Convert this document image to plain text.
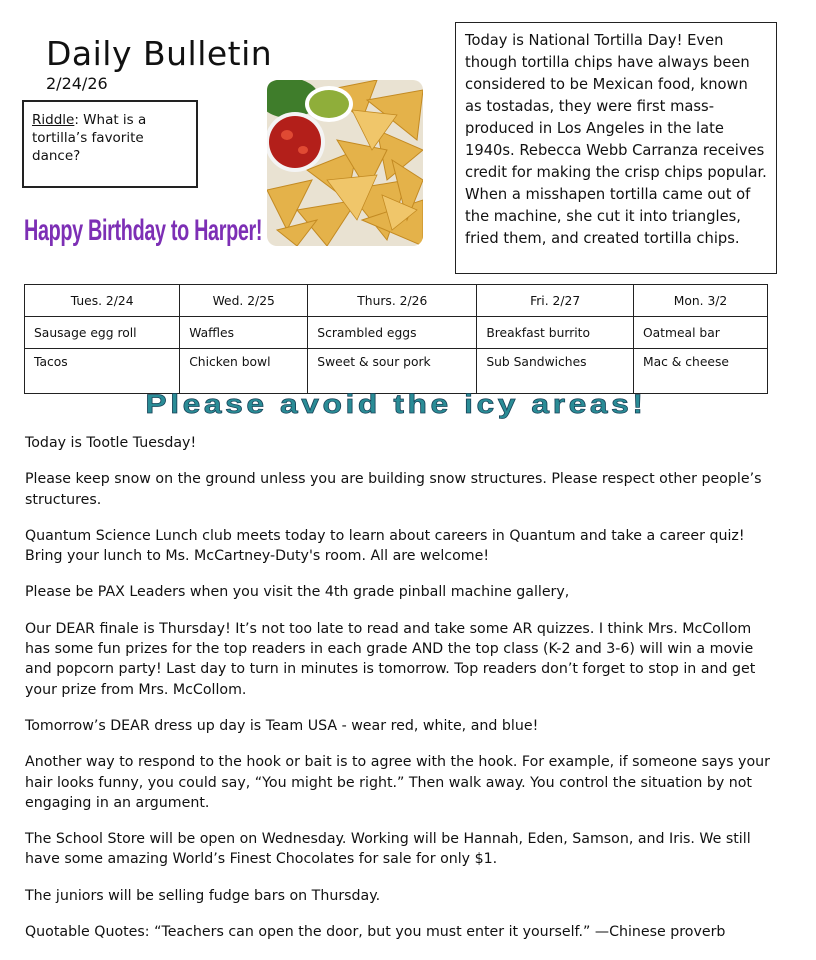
Daily Bulletin
2/24/26
Riddle: What is a tortilla’s favorite dance?
Happy Birthday to Harper!
Today is National Tortilla Day! Even though tortilla chips have always been considered to be Mexican food, known as tostadas, they were first mass-produced in Los Angeles in the late 1940s. Rebecca Webb Carranza receives credit for making the crisp chips popular. When a misshapen tortilla came out of the machine, she cut it into triangles, fried them, and created tortilla chips.
Tues. 2/24	Wed. 2/25	Thurs. 2/26	Fri. 2/27	Mon. 3/2
Sausage egg roll	Waffles	Scrambled eggs	Breakfast burrito	Oatmeal bar
Tacos	Chicken bowl	Sweet & sour pork	Sub Sandwiches	Mac & cheese
Please avoid the icy areas!

Today is Tootle Tuesday!

Please keep snow on the ground unless you are building snow structures. Please respect other people’s structures.

Quantum Science Lunch club meets today to learn about careers in Quantum and take a career quiz! Bring your lunch to Ms. McCartney-Duty's room. All are welcome!

Please be PAX Leaders when you visit the 4th grade pinball machine gallery,

Our DEAR finale is Thursday! It’s not too late to read and take some AR quizzes. I think Mrs. McCollom has some fun prizes for the top readers in each grade AND the top class (K-2 and 3-6) will win a movie and popcorn party! Last day to turn in minutes is tomorrow. Top readers don’t forget to stop in and get your prize from Mrs. McCollom.

Tomorrow’s DEAR dress up day is Team USA - wear red, white, and blue!

Another way to respond to the hook or bait is to agree with the hook. For example, if someone says your hair looks funny, you could say, “You might be right.” Then walk away. You control the situation by not engaging in an argument.

The School Store will be open on Wednesday. Working will be Hannah, Eden, Samson, and Iris. We still have some amazing World’s Finest Chocolates for sale for only $1.

The juniors will be selling fudge bars on Thursday.

Quotable Quotes: “Teachers can open the door, but you must enter it yourself.” —Chinese proverb
